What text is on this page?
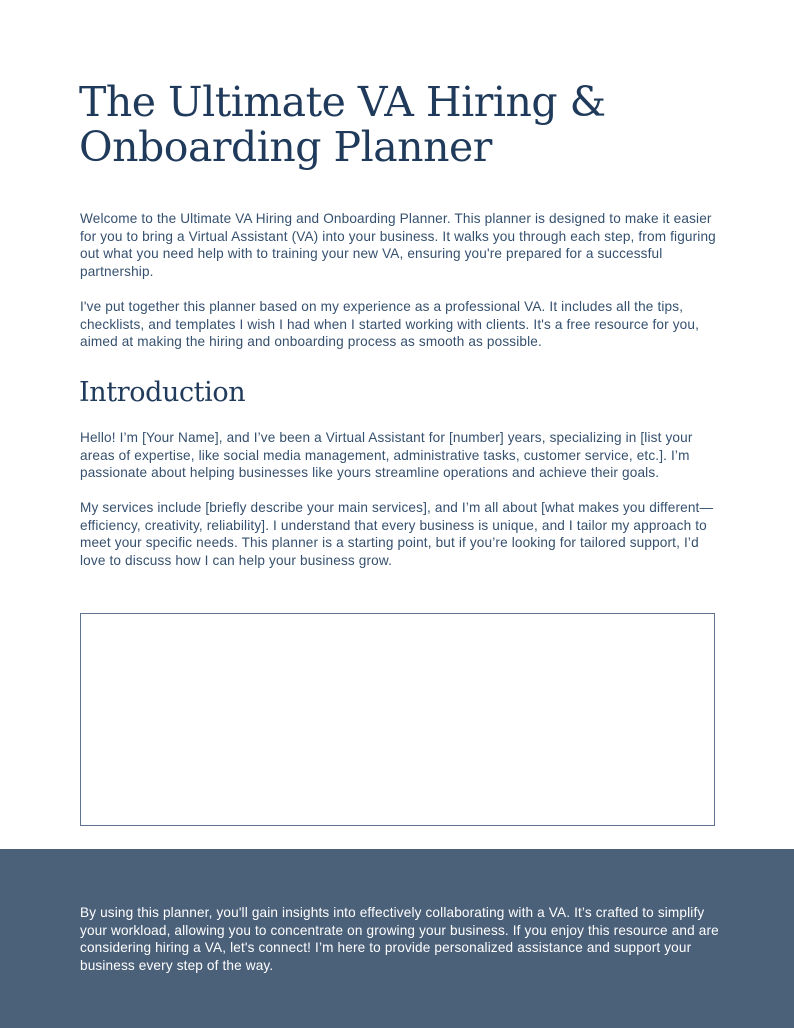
The Ultimate VA Hiring & Onboarding Planner

Welcome to the Ultimate VA Hiring and Onboarding Planner. This planner is designed to make it easier for you to bring a Virtual Assistant (VA) into your business. It walks you through each step, from figuring out what you need help with to training your new VA, ensuring you're prepared for a successful partnership.

I've put together this planner based on my experience as a professional VA. It includes all the tips, checklists, and templates I wish I had when I started working with clients. It's a free resource for you, aimed at making the hiring and onboarding process as smooth as possible.

Introduction

Hello! I’m [Your Name], and I’ve been a Virtual Assistant for [number] years, specializing in [list your areas of expertise, like social media management, administrative tasks, customer service, etc.]. I’m passionate about helping businesses like yours streamline operations and achieve their goals.

My services include [briefly describe your main services], and I’m all about [what makes you different—efficiency, creativity, reliability]. I understand that every business is unique, and I tailor my approach to meet your specific needs. This planner is a starting point, but if you’re looking for tailored support, I’d love to discuss how I can help your business grow.

By using this planner, you'll gain insights into effectively collaborating with a VA. It’s crafted to simplify your workload, allowing you to concentrate on growing your business. If you enjoy this resource and are considering hiring a VA, let's connect! I’m here to provide personalized assistance and support your business every step of the way.
